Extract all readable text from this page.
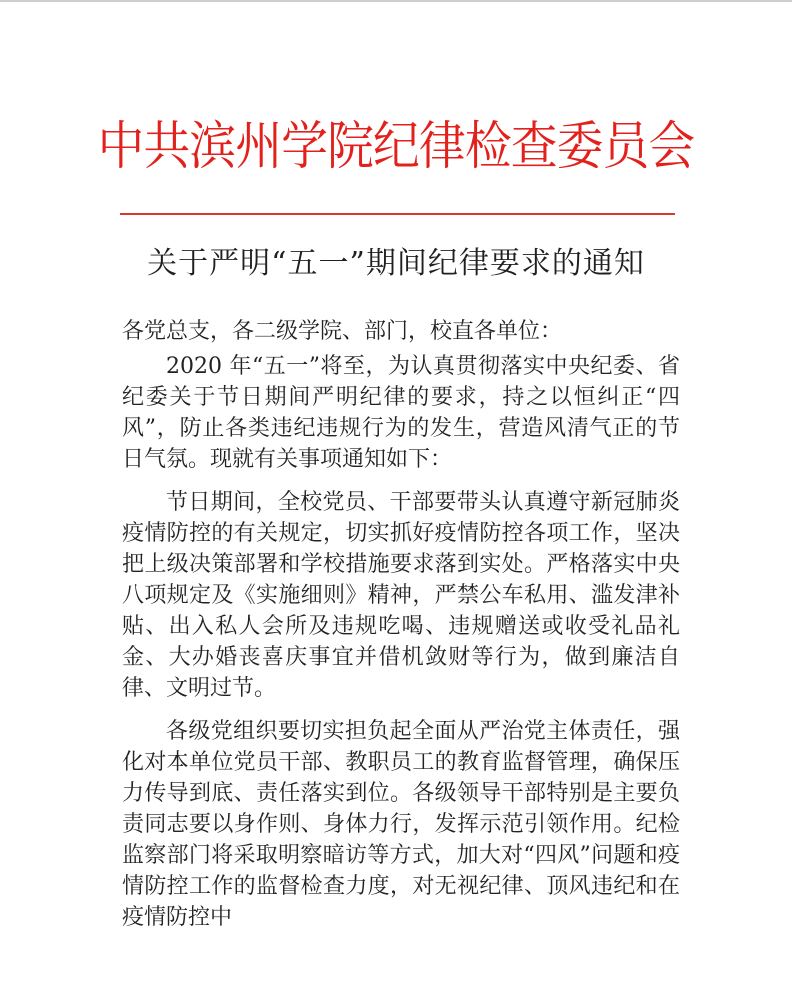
中共滨州学院纪律检查委员会
关于严明“五一”期间纪律要求的通知

各党总支，各二级学院、部门，校直各单位：

2020 年“五一”将至，为认真贯彻落实中央纪委、省纪委关于节日期间严明纪律的要求，持之以恒纠正“四风”，防止各类违纪违规行为的发生，营造风清气正的节日气氛。现就有关事项通知如下：

节日期间，全校党员、干部要带头认真遵守新冠肺炎疫情防控的有关规定，切实抓好疫情防控各项工作，坚决把上级决策部署和学校措施要求落到实处。严格落实中央八项规定及《实施细则》精神，严禁公车私用、滥发津补贴、出入私人会所及违规吃喝、违规赠送或收受礼品礼金、大办婚丧喜庆事宜并借机敛财等行为，做到廉洁自律、文明过节。

各级党组织要切实担负起全面从严治党主体责任，强化对本单位党员干部、教职员工的教育监督管理，确保压力传导到底、责任落实到位。各级领导干部特别是主要负责同志要以身作则、身体力行，发挥示范引领作用。纪检监察部门将采取明察暗访等方式，加大对“四风”问题和疫情防控工作的监督检查力度，对无视纪律、顶风违纪和在疫情防控中
